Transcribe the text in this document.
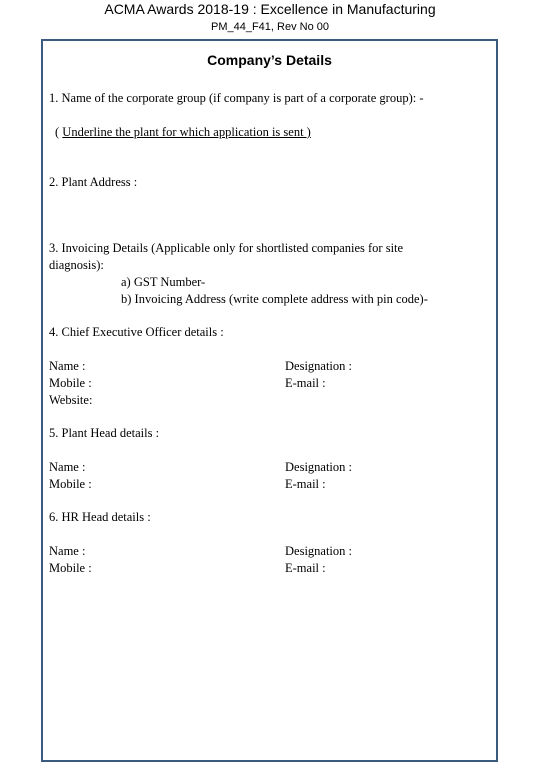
ACMA Awards 2018-19 : Excellence in Manufacturing
PM_44_F41, Rev No 00
Company’s Details
1. Name of the corporate group (if company is part of a corporate group): -
( Underline the plant for which application is sent )
2. Plant Address :
3. Invoicing Details (Applicable only for shortlisted companies for site
diagnosis):
a) GST Number-
b) Invoicing Address (write complete address with pin code)-
4. Chief Executive Officer details :
Name :	Designation :
Mobile :	E-mail :
Website:
5. Plant Head details :
Name :	Designation :
Mobile :	E-mail :
6. HR Head details :
Name :	Designation :
Mobile :	E-mail :
